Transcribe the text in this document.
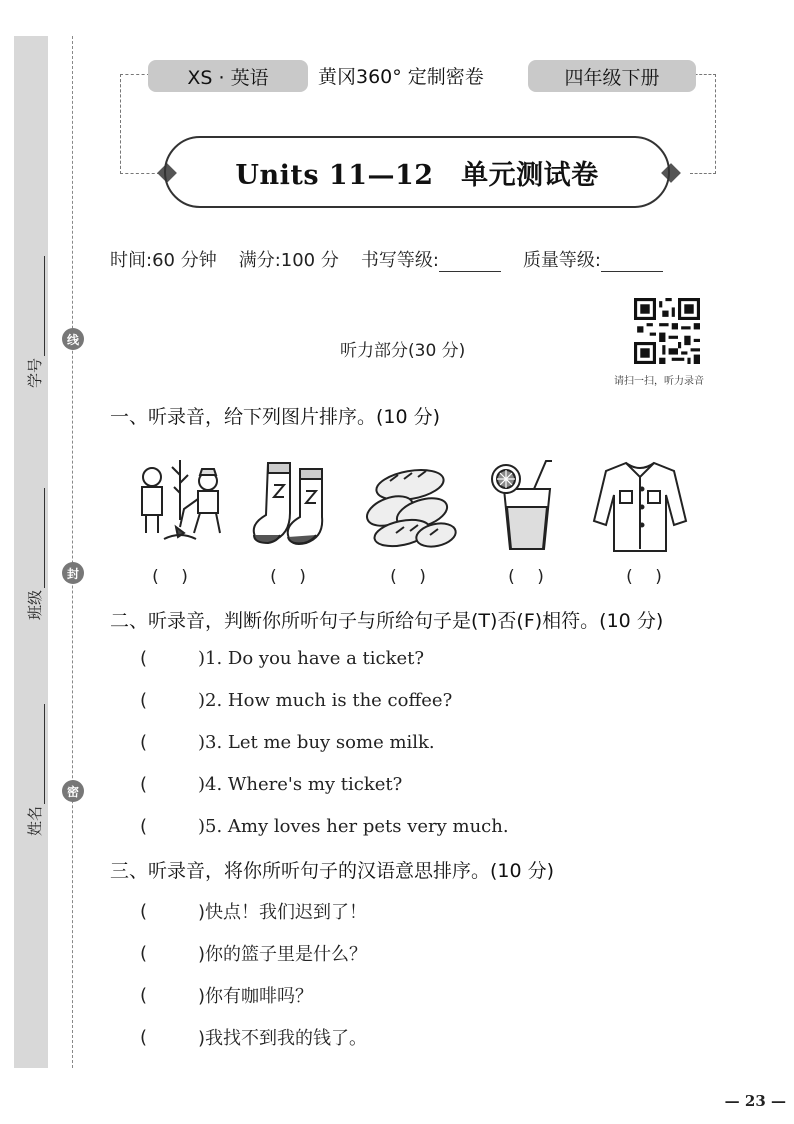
线
封
密
学号
班级
姓名
XS · 英语	黄冈360° 定制密卷	四年级下册
Units 11—12　单元测试卷
时间:60 分钟 满分:100 分 书写等级:	质量等级:
听力部分(30 分)
请扫一扫，听力录音
一、听录音，给下列图片排序。(10 分)
(　 )	(　 )	(　 )	(　 )	(　 )
二、听录音，判断你所听句子与所给句子是(T)否(F)相符。(10 分)
(	)1. Do you have a ticket?
(	)2. How much is the coffee?
(	)3. Let me buy some milk.
(	)4. Where's my ticket?
(	)5. Amy loves her pets very much.
三、听录音，将你所听句子的汉语意思排序。(10 分)
(	)快点！我们迟到了！
(	)你的篮子里是什么？
(	)你有咖啡吗？
(	)我找不到我的钱了。
— 23 —
